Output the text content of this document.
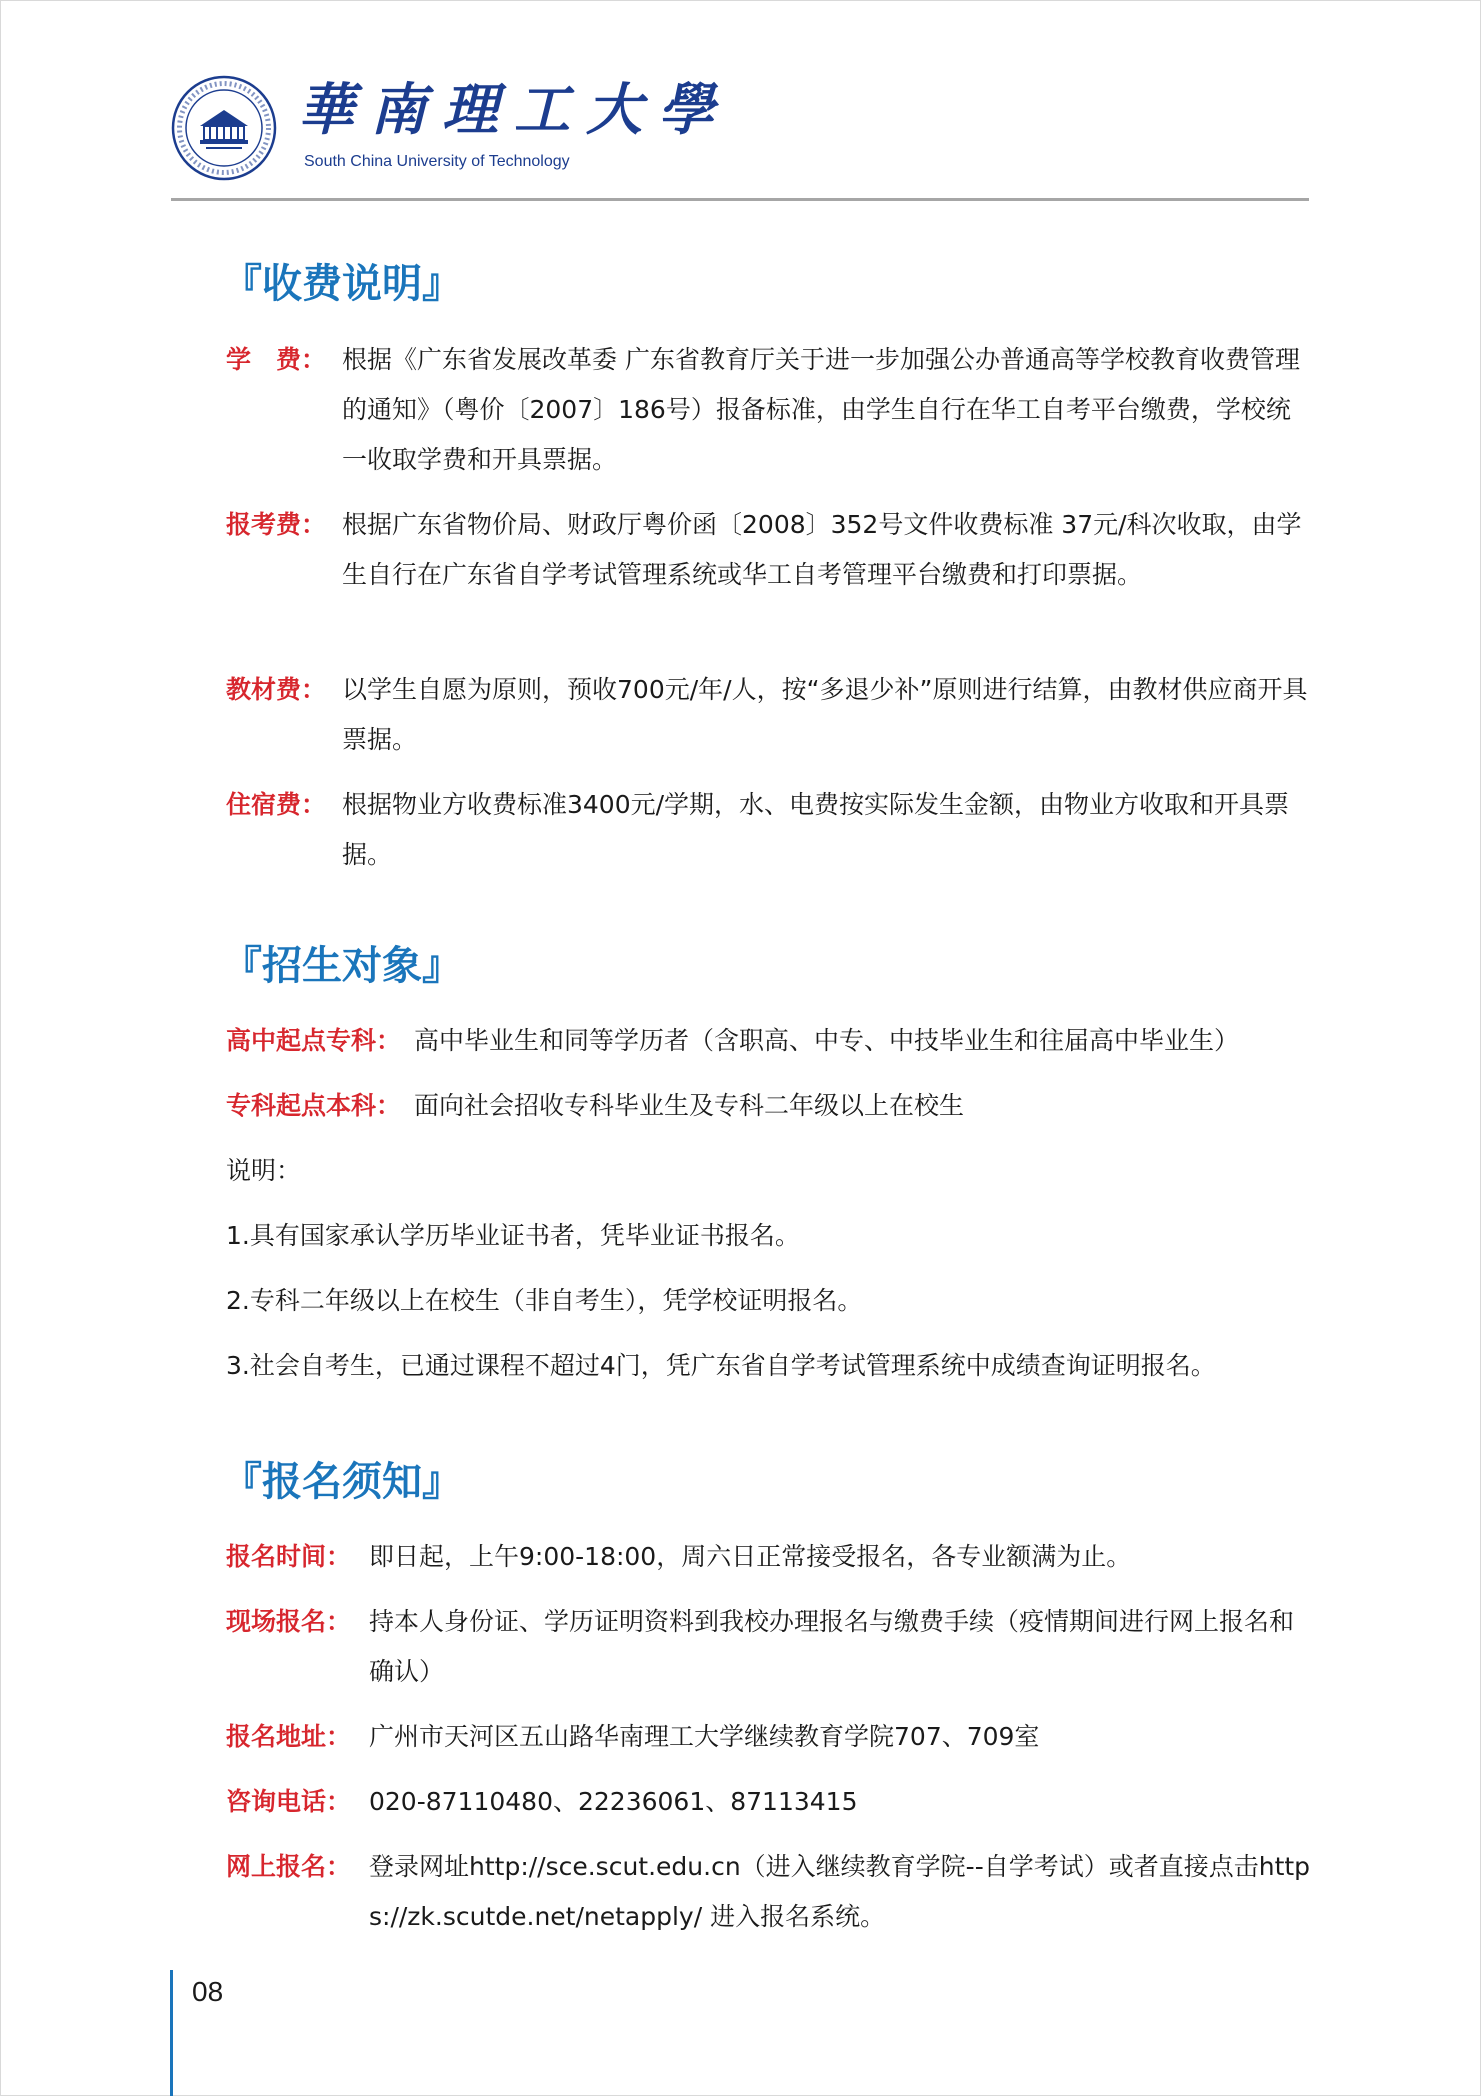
華南理工大學
South China University of Technology
『收费说明』
学　费： 根据《广东省发展改革委 广东省教育厅关于进一步加强公办普通高等学校教育收费管理的通知》（粤价〔2007〕186号）报备标准，由学生自行在华工自考平台缴费，学校统一收取学费和开具票据。
报考费： 根据广东省物价局、财政厅粤价函〔2008〕352号文件收费标准 37元/科次收取，由学生自行在广东省自学考试管理系统或华工自考管理平台缴费和打印票据。
教材费： 以学生自愿为原则，预收700元/年/人，按“多退少补”原则进行结算，由教材供应商开具票据。
住宿费： 根据物业方收费标准3400元/学期，水、电费按实际发生金额，由物业方收取和开具票据。
『招生对象』
高中起点专科： 高中毕业生和同等学历者（含职高、中专、中技毕业生和往届高中毕业生）
专科起点本科： 面向社会招收专科毕业生及专科二年级以上在校生
说明：
1.具有国家承认学历毕业证书者，凭毕业证书报名。
2.专科二年级以上在校生（非自考生），凭学校证明报名。
3.社会自考生，已通过课程不超过4门，凭广东省自学考试管理系统中成绩查询证明报名。
『报名须知』
报名时间： 即日起，上午9:00-18:00，周六日正常接受报名，各专业额满为止。
现场报名： 持本人身份证、学历证明资料到我校办理报名与缴费手续（疫情期间进行网上报名和确认）
报名地址： 广州市天河区五山路华南理工大学继续教育学院707、709室
咨询电话： 020-87110480、22236061、87113415
网上报名： 登录网址http://sce.scut.edu.cn（进入继续教育学院--自学考试）或者直接点击https://zk.scutde.net/netapply/ 进入报名系统。
08
